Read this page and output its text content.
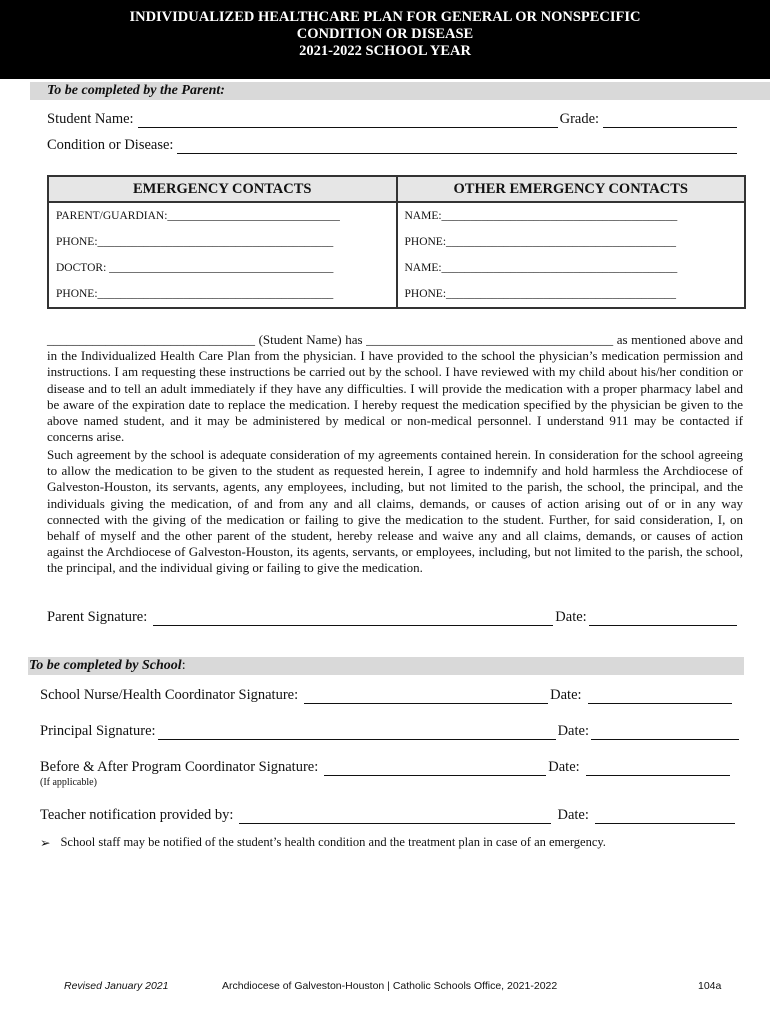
INDIVIDUALIZED HEALTHCARE PLAN FOR GENERAL OR NONSPECIFIC
CONDITION OR DISEASE
2021-2022 SCHOOL YEAR
To be completed by the Parent:
Student Name:	Grade:
Condition or Disease:
EMERGENCY CONTACTS	OTHER EMERGENCY CONTACTS
PARENT/GUARDIAN:______________________________	NAME:_________________________________________
PHONE:_________________________________________	PHONE:________________________________________
DOCTOR: _______________________________________	NAME:_________________________________________
PHONE:_________________________________________	PHONE:________________________________________
________________________________ (Student Name) has ______________________________________ as mentioned above and in the Individualized Health Care Plan from the physician. I have provided to the school the physician’s medication permission and instructions. I am requesting these instructions be carried out by the school. I have reviewed with my child about his/her condition or disease and to tell an adult immediately if they have any difficulties. I will provide the medication with a proper pharmacy label and be aware of the expiration date to replace the medication. I hereby request the medication specified by the physician be given to the above named student, and it may be administered by medical or non-medical personnel. I understand 911 may be contacted if concerns arise.
Such agreement by the school is adequate consideration of my agreements contained herein. In consideration for the school agreeing to allow the medication to be given to the student as requested herein, I agree to indemnify and hold harmless the Archdiocese of Galveston-Houston, its servants, agents, any employees, including, but not limited to the parish, the school, the principal, and the individuals giving the medication, of and from any and all claims, demands, or causes of action arising out of or in any way connected with the giving of the medication or failing to give the medication to the student. Further, for said consideration, I, on behalf of myself and the other parent of the student, hereby release and waive any and all claims, demands, or causes of action against the Archdiocese of Galveston-Houston, its agents, servants, or employees, including, but not limited to the parish, the school, the principal, and the individual giving or failing to give the medication.
Parent Signature:	Date:
To be completed by School:
School Nurse/Health Coordinator Signature:	Date:
Principal Signature:	Date:
Before & After Program Coordinator Signature:	Date:
(If applicable)
Teacher notification provided by:	Date:
➢ School staff may be notified of the student’s health condition and the treatment plan in case of an emergency.
Revised January 2021	Archdiocese of Galveston-Houston | Catholic Schools Office, 2021-2022	104a
